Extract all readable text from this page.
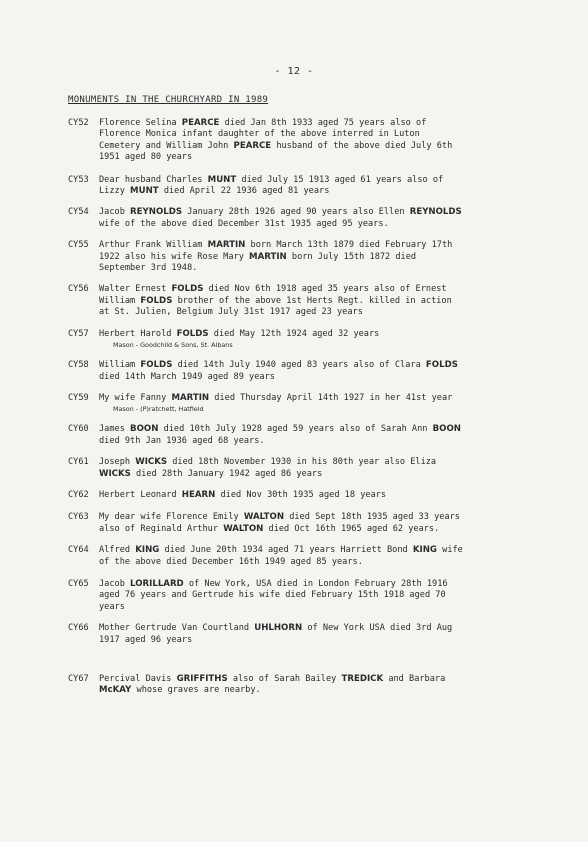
- 12 -
MONUMENTS IN THE CHURCHYARD IN 1989
CY52	Florence Selina PEARCE died Jan 8th 1933 aged 75 years also of
Florence Monica infant daughter of the above interred in Luton
Cemetery and William John PEARCE husband of the above died July 6th
1951 aged 80 years
CY53	Dear husband Charles MUNT died July 15 1913 aged 61 years also of
Lizzy MUNT died April 22 1936 aged 81 years
CY54	Jacob REYNOLDS January 28th 1926 aged 90 years also Ellen REYNOLDS
wife of the above died December 31st 1935 aged 95 years.
CY55	Arthur Frank William MARTIN born March 13th 1879 died February 17th
1922 also his wife Rose Mary MARTIN born July 15th 1872 died
September 3rd 1948.
CY56	Walter Ernest FOLDS died Nov 6th 1918 aged 35 years also of Ernest
William FOLDS brother of the above 1st Herts Regt. killed in action
at St. Julien, Belgium July 31st 1917 aged 23 years
CY57	Herbert Harold FOLDS died May 12th 1924 aged 32 years
Mason - Goodchild & Sons, St. Albans
CY58	William FOLDS died 14th July 1940 aged 83 years also of Clara FOLDS
died 14th March 1949 aged 89 years
CY59	My wife Fanny MARTIN died Thursday April 14th 1927 in her 41st year
Mason - (P)ratchett, Hatfield
CY60	James BOON died 10th July 1928 aged 59 years also of Sarah Ann BOON
died 9th Jan 1936 aged 68 years.
CY61	Joseph WICKS died 18th November 1930 in his 80th year also Eliza
WICKS died 28th January 1942 aged 86 years
CY62	Herbert Leonard HEARN died Nov 30th 1935 aged 18 years
CY63	My dear wife Florence Emily WALTON died Sept 18th 1935 aged 33 years
also of Reginald Arthur WALTON died Oct 16th 1965 aged 62 years.
CY64	Alfred KING died June 20th 1934 aged 71 years Harriett Bond KING wife
of the above died December 16th 1949 aged 85 years.
CY65	Jacob LORILLARD of New York, USA died in London February 28th 1916
aged 76 years and Gertrude his wife died February 15th 1918 aged 70
years
CY66	Mother Gertrude Van Courtland UHLHORN of New York USA died 3rd Aug
1917 aged 96 years
CY67	Percival Davis GRIFFITHS also of Sarah Bailey TREDICK and Barbara
McKAY whose graves are nearby.
